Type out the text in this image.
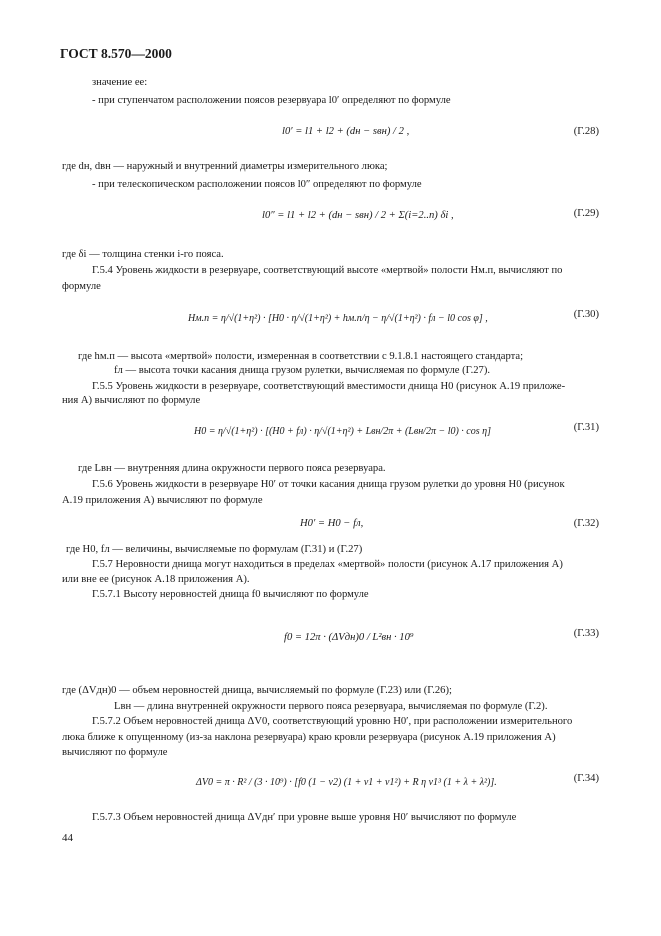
ГОСТ 8.570—2000
значение ее:
- при ступенчатом расположении поясов резервуара l0′ определяют по формуле
l0′ = l1 + l2 + (dн − sвн) / 2 ,	(Г.28)
где dн, dвн — наружный и внутренний диаметры измерительного люка;
- при телескопическом расположении поясов l0″ определяют по формуле
l0″ = l1 + l2 + (dн − sвн) / 2 + Σ(i=2..n) δi ,	(Г.29)
где δi — толщина стенки i-го пояса.
Г.5.4 Уровень жидкости в резервуаре, соответствующий высоте «мертвой» полости Hм.п, вычисляют по
формуле
Hм.п = η/√(1+η²) · [H0 · η/√(1+η²) + hм.п/η − η/√(1+η²) · fл − l0 cos φ] ,	(Г.30)
где hм.п — высота «мертвой» полости, измеренная в соответствии с 9.1.8.1 настоящего стандарта;
fл — высота точки касания днища грузом рулетки, вычисляемая по формуле (Г.27).
Г.5.5 Уровень жидкости в резервуаре, соответствующий вместимости днища H0 (рисунок А.19 приложе-
ния А) вычисляют по формуле
H0 = η/√(1+η²) · [(H0 + fл) · η/√(1+η²) + Lвн/2π + (Lвн/2π − l0) · cos η]	(Г.31)
где Lвн — внутренняя длина окружности первого пояса резервуара.
Г.5.6 Уровень жидкости в резервуаре H0′ от точки касания днища грузом рулетки до уровня H0 (рисунок
А.19 приложения А) вычисляют по формуле
H0′ = H0 − fл,	(Г.32)
где H0, fл — величины, вычисляемые по формулам (Г.31) и (Г.27)
Г.5.7 Неровности днища могут находиться в пределах «мертвой» полости (рисунок А.17 приложения А)
или вне ее (рисунок А.18 приложения А).
Г.5.7.1 Высоту неровностей днища f0 вычисляют по формуле
f0 = 12π · (ΔVдн)0 / L²вн · 10⁹	(Г.33)
где (ΔVдн)0 — объем неровностей днища, вычисляемый по формуле (Г.23) или (Г.26);
Lвн — длина внутренней окружности первого пояса резервуара, вычисляемая по формуле (Г.2).
Г.5.7.2 Объем неровностей днища ΔV0, соответствующий уровню H0′, при расположении измерительного
люка ближе к опущенному (из-за наклона резервуара) краю кровли резервуара (рисунок А.19 приложения А)
вычисляют по формуле
ΔV0 = π · R² / (3 · 10⁹) · [f0 (1 − ν2) (1 + ν1 + ν1²) + R η ν1³ (1 + λ + λ²)].	(Г.34)
Г.5.7.3 Объем неровностей днища ΔVдн′ при уровне выше уровня H0′ вычисляют по формуле
44
